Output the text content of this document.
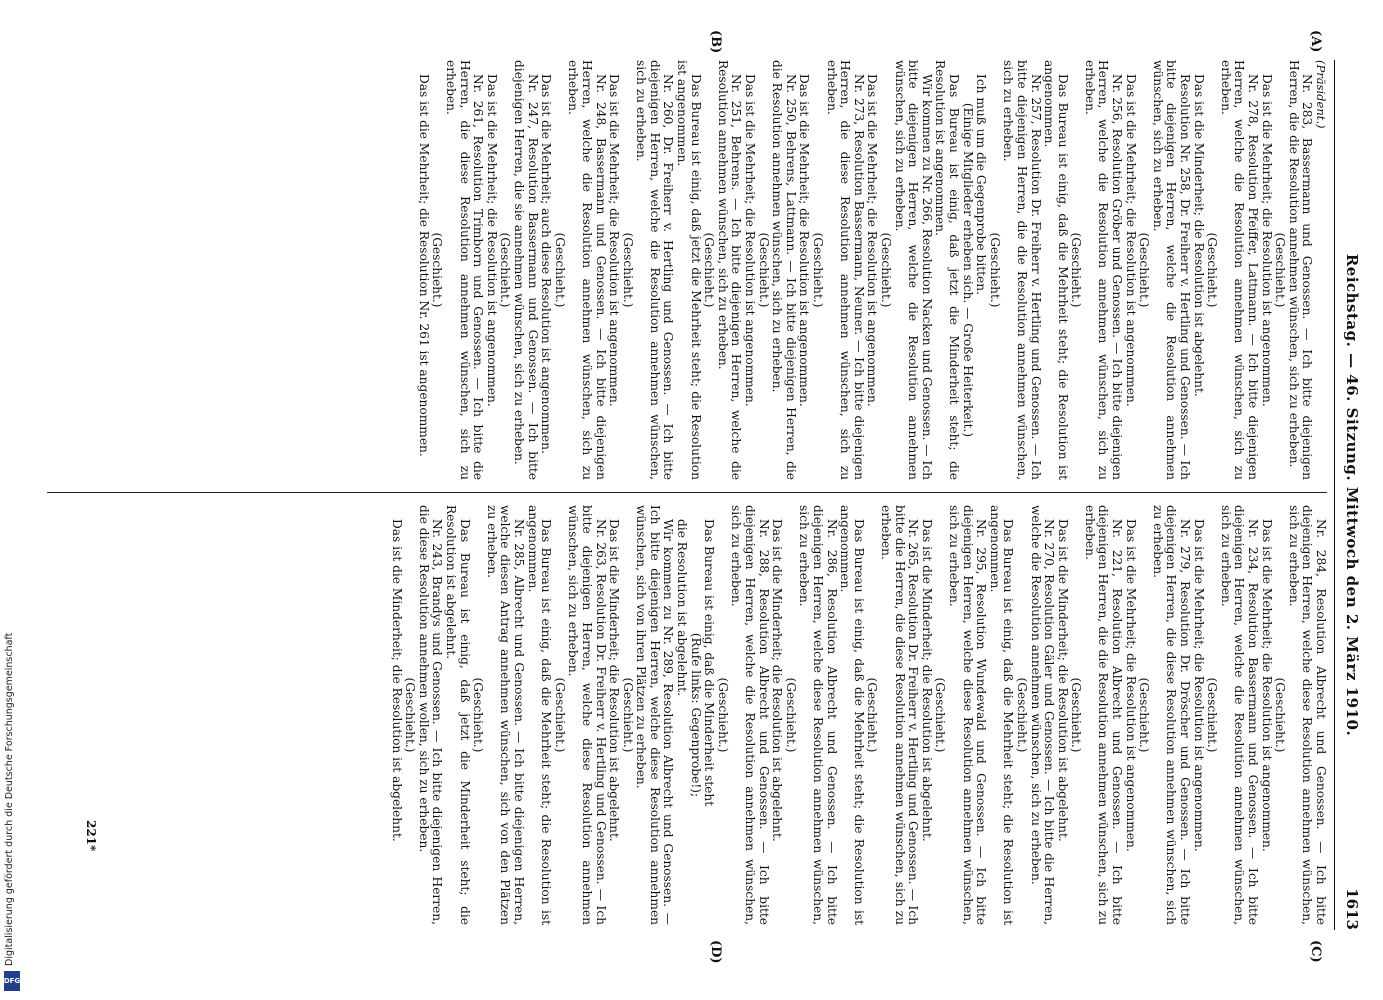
Reichstag. — 46. Sitzung. Mittwoch den 2. März 1910.
1613
(A)
(B)
(C)
(D)

(Präsident.)

Nr. 283, Bassermann und Genossen. — Ich bitte diejenigen Herren, die die Resolution annehmen wünschen, sich zu erheben.

(Geschieht.)

Das ist die Mehrheit; die Resolution ist angenommen.

Nr. 278, Resolution Pfeiffer, Lattmann. — Ich bitte diejenigen Herren, welche die Resolution annehmen wünschen, sich zu erheben.

(Geschieht.)

Das ist die Minderheit; die Resolution ist abgelehnt.

Resolution Nr. 258, Dr. Freiherr v. Hertling und Genossen. — Ich bitte diejenigen Herren, welche die Resolution annehmen wünschen, sich zu erheben.

(Geschieht.)

Das ist die Mehrheit; die Resolution ist angenommen.

Nr. 256, Resolution Gröber und Genossen. — Ich bitte diejenigen Herren, welche die Resolution annehmen wünschen, sich zu erheben.

(Geschieht.)

Das Bureau ist einig, daß die Mehrheit steht; die Resolution ist angenommen.

Nr. 257, Resolution Dr. Freiherr v. Hertling und Genossen. — Ich bitte diejenigen Herren, die die Resolution annehmen wünschen, sich zu erheben.

(Geschieht.)

Ich muß um die Gegenprobe bitten.

(Einige Mitglieder erheben sich. — Große Heiterkeit.)

Das Bureau ist einig, daß jetzt die Minderheit steht; die Resolution ist angenommen.

Wir kommen zu Nr. 266, Resolution Nacken und Genossen. — Ich bitte diejenigen Herren, welche die Resolution annehmen wünschen, sich zu erheben.

(Geschieht.)

Das ist die Mehrheit; die Resolution ist angenommen.

Nr. 273, Resolution Bassermann, Neuner. — Ich bitte diejenigen Herren, die diese Resolution annehmen wünschen, sich zu erheben.

(Geschieht.)

Das ist die Mehrheit; die Resolution ist angenommen.

Nr. 250, Behrens, Lattmann. — Ich bitte diejenigen Herren, die die Resolution annehmen wünschen, sich zu erheben.

(Geschieht.)

Das ist die Mehrheit; die Resolution ist angenommen.

Nr. 251, Behrens. — Ich bitte diejenigen Herren, welche die Resolution annehmen wünschen, sich zu erheben.

(Geschieht.)

Das Bureau ist einig, daß jetzt die Mehrheit steht; die Resolution ist angenommen.

Nr. 260, Dr. Freiherr v. Hertling und Genossen. — Ich bitte diejenigen Herren, welche die Resolution annehmen wünschen, sich zu erheben.

(Geschieht.)

Das ist die Mehrheit; die Resolution ist angenommen.

Nr. 248, Bassermann und Genossen. — Ich bitte diejenigen Herren, welche die Resolution annehmen wünschen, sich zu erheben.

(Geschieht.)

Das ist die Mehrheit; auch diese Resolution ist angenommen.

Nr. 247, Resolution Bassermann und Genossen. — Ich bitte diejenigen Herren, die sie annehmen wünschen, sich zu erheben.

(Geschieht.)

Das ist die Mehrheit; die Resolution ist angenommen.

Nr. 261, Resolution Trimborn und Genossen. — Ich bitte die Herren, die diese Resolution annehmen wünschen, sich zu erheben.

(Geschieht.)

Das ist die Mehrheit; die Resolution Nr. 261 ist angenommen.

Nr. 284, Resolution Albrecht und Genossen. — Ich bitte diejenigen Herren, welche diese Resolution annehmen wünschen, sich zu erheben.

(Geschieht.)

Das ist die Mehrheit; die Resolution ist angenommen.

Nr. 234, Resolution Bassermann und Genossen. — Ich bitte diejenigen Herren, welche die Resolution annehmen wünschen, sich zu erheben.

(Geschieht.)

Das ist die Mehrheit; die Resolution ist angenommen.

Nr. 279, Resolution Dr. Dröscher und Genossen. — Ich bitte diejenigen Herren, die diese Resolution annehmen wünschen, sich zu erheben.

(Geschieht.)

Das ist die Mehrheit; die Resolution ist angenommen.

Nr. 221, Resolution Albrecht und Genossen. — Ich bitte diejenigen Herren, die die Resolution annehmen wünschen, sich zu erheben.

(Geschieht.)

Das ist die Minderheit; die Resolution ist abgelehnt.

Nr. 270, Resolution Gäler und Genossen. — Ich bitte die Herren, welche die Resolution annehmen wünschen, sich zu erheben.

(Geschieht.)

Das Bureau ist einig, daß die Mehrheit steht; die Resolution ist angenommen.

Nr. 295, Resolution Wundewald und Genossen. — Ich bitte diejenigen Herren, welche diese Resolution annehmen wünschen, sich zu erheben.

(Geschieht.)

Das ist die Minderheit; die Resolution ist abgelehnt.

Nr. 265, Resolution Dr. Freiherr v. Hertling und Genossen. — Ich bitte die Herren, die diese Resolution annehmen wünschen, sich zu erheben.

(Geschieht.)

Das Bureau ist einig, daß die Mehrheit steht; die Resolution ist angenommen.

Nr. 286, Resolution Albrecht und Genossen. — Ich bitte diejenigen Herren, welche diese Resolution annehmen wünschen, sich zu erheben.

(Geschieht.)

Das ist die Minderheit; die Resolution ist abgelehnt.

Nr. 288, Resolution Albrecht und Genossen. — Ich bitte diejenigen Herren, welche die Resolution annehmen wünschen, sich zu erheben.

(Geschieht.)

Das Bureau ist einig, daß die Minderheit steht

(Rufe links: Gegenprobe!);

die Resolution ist abgelehnt.

Wir kommen zu Nr. 289, Resolution Albrecht und Genossen. — Ich bitte diejenigen Herren, welche diese Resolution annehmen wünschen, sich von ihren Plätzen zu erheben.

(Geschieht.)

Das ist die Minderheit; die Resolution ist abgelehnt.

Nr. 263, Resolution Dr. Freiherr v. Hertling und Genossen. — Ich bitte diejenigen Herren, welche diese Resolution annehmen wünschen, sich zu erheben.

(Geschieht.)

Das Bureau ist einig, daß die Mehrheit steht; die Resolution ist angenommen.

Nr. 285, Albrecht und Genossen. — Ich bitte diejenigen Herren, welche diesen Antrag annehmen wünschen, sich von den Plätzen zu erheben.

(Geschieht.)

Das Bureau ist einig, daß jetzt die Minderheit steht; die Resolution ist abgelehnt.

Nr. 243, Brandys und Genossen. — Ich bitte diejenigen Herren, die diese Resolution annehmen wollen, sich zu erheben.

(Geschieht.)

Das ist die Minderheit; die Resolution ist abgelehnt.

221*
Digitalisierung gefördert durch die Deutsche Forschungsgemeinschaft
DFG
